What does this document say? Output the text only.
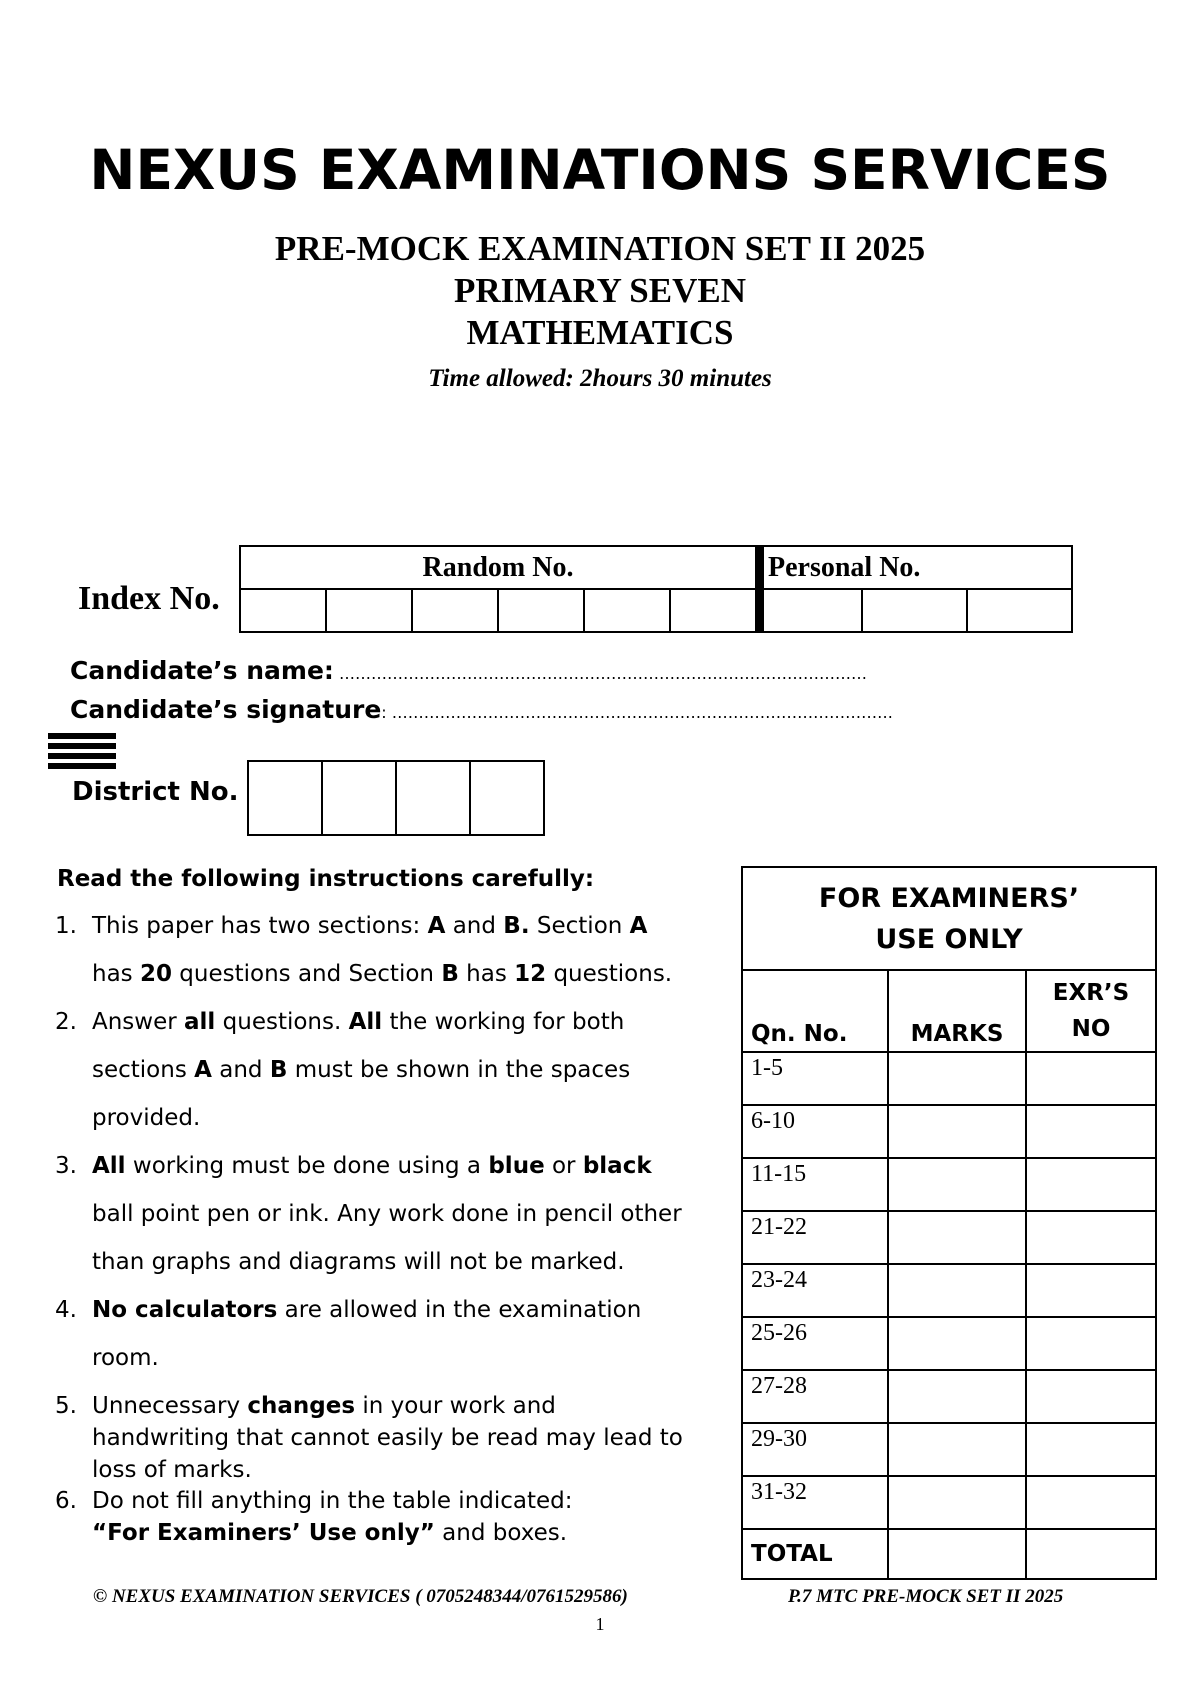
NEXUS EXAMINATIONS SERVICES
PRE-MOCK EXAMINATION SET II 2025
PRIMARY SEVEN
MATHEMATICS
Time allowed: 2hours 30 minutes
Index No.
Random No.						Personal No.		

Candidate’s name: ………………………………………………………………………………………
Candidate’s signature: ………………………………………………………………………………….
District No.

Read the following instructions carefully:
1. This paper has two sections: A and B. Section A
has 20 questions and Section B has 12 questions.
2. Answer all questions. All the working for both
sections A and B must be shown in the spaces
provided.
3. All working must be done using a blue or black
ball point pen or ink. Any work done in pencil other
than graphs and diagrams will not be marked.
4. No calculators are allowed in the examination
room.
5. Unnecessary changes in your work and
handwriting that cannot easily be read may lead to
loss of marks.
6. Do not fill anything in the table indicated:
“For Examiners’ Use only” and boxes.
FOR EXAMINERS’
USE ONLY		

Qn. No.	MARKS	EXR’S
NO

1-5		
6-10		
11-15		
21-22		
23-24		
25-26		
27-28		
29-30		
31-32		
TOTAL		
© NEXUS EXAMINATION SERVICES ( 0705248344/0761529586)	P.7 MTC PRE-MOCK SET II 2025
1
